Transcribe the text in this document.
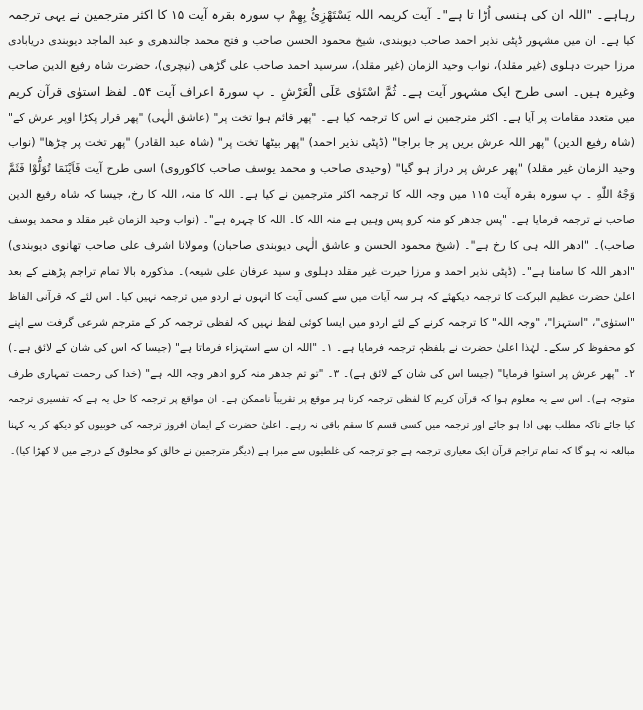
رہاہے۔ "اللہ ان کی ہنسی اُڑا تا ہے"۔ آیت کریمہ اللہ یَسْتَھْزِئُ بِھِمْ پ سورہ بقرہ آیت ۱۵ کا اکثر مترجمین نے یہی ترجمہ
کیا ہے۔ ان میں مشہور ڈپٹی نذیر احمد صاحب دیوبندی، شیخ محمود الحسن صاحب و فتح محمد جالندھری و عبد الماجد دیوبندی دریابادی
مرزا حیرت دہلوی (غیر مقلد)، نواب وحید الزمان (غیر مقلد)، سرسید احمد صاحب علی گڑھی (نیچری)، حضرت شاہ رفیع الدین صاحب
وغیرہ ہیں۔ اسی طرح ایک مشہور آیت ہے۔ ثُمَّ اسْتَوٰی عَلَی الْعَرْشِ ۔ پ سورۃ اعراف آیت ۵۴۔ لفظ استوٰی قرآن کریم
میں متعدد مقامات پر آیا ہے۔ اکثر مترجمین نے اس کا ترجمہ کیا ہے۔ "پھر قائم ہوا تخت پر" (عاشق الٰہی) "پھر قرار پکڑا اوپر عرش کے"
(شاہ رفیع الدین) "پھر اللہ عرش بریں پر جا براجا" (ڈپٹی نذیر احمد) "پھر بیٹھا تخت پر" (شاہ عبد القادر) "پھر تخت پر چڑھا" (نواب
وحید الزمان غیر مقلد) "پھر عرش پر دراز ہو گیا" (وحیدی صاحب و محمد یوسف صاحب کاکوروی) اسی طرح آیت فَاَیْنَمَا تُوَلُّوْا فَثَمَّ
وَجْهُ اللّٰهِ ۔ پ سورہ بقرہ آیت ۱۱۵ میں وجہ اللہ کا ترجمہ اکثر مترجمین نے کیا ہے۔ اللہ کا منہ، اللہ کا رخ، جیسا کہ شاہ رفیع الدین
صاحب نے ترجمہ فرمایا ہے۔ "پس جدھر کو منہ کرو پس وہیں ہے منہ اللہ کا۔ اللہ کا چہرہ ہے"۔ (نواب وحید الزمان غیر مقلد و محمد یوسف
صاحب)۔ "ادھر اللہ ہی کا رخ ہے"۔ (شیخ محمود الحسن و عاشق الٰہی دیوبندی صاحبان) ومولانا اشرف علی صاحب تھانوی دیوبندی)
"ادھر اللہ کا سامنا ہے"۔ (ڈپٹی نذیر احمد و مرزا حیرت غیر مقلد دہلوی و سید عرفان علی شیعہ)۔ مذکورہ بالا تمام تراجم پڑھنے کے بعد
اعلیٰ حضرت عظیم البرکت کا ترجمہ دیکھئے کہ ہر سہ آیات میں سے کسی آیت کا انہوں نے اردو میں ترجمہ نہیں کیا۔ اس لئے کہ قرآنی الفاظ
"استوٰی"، "استہزا"، "وجہ اللہ" کا ترجمہ کرنے کے لئے اردو میں ایسا کوئی لفظ نہیں کہ لفظی ترجمہ کر کے مترجم شرعی گرفت سے اپنے
کو محفوظ کر سکے۔ لہٰذا اعلیٰ حضرت نے بلفظہٖ ترجمہ فرمایا ہے۔ ۱۔ "اللہ ان سے استہزاء فرماتا ہے" (جیسا کہ اس کی شان کے لائق ہے۔)
۲۔ "پھر عرش پر استوا فرمایا" (جیسا اس کی شان کے لائق ہے)۔ ۳۔ "تو تم جدھر منہ کرو ادھر وجہ اللہ ہے" (خدا کی رحمت تمہاری طرف
متوجہ ہے)۔ اس سے یہ معلوم ہوا کہ قرآن کریم کا لفظی ترجمہ کرنا ہر موقع پر تقریباً ناممکن ہے۔ ان مواقع پر ترجمہ کا حل یہ ہے کہ تفسیری ترجمہ
کیا جائے تاکہ مطلب بھی ادا ہو جائے اور ترجمہ میں کسی قسم کا سقم باقی نہ رہے۔ اعلیٰ حضرت کے ایمان افروز ترجمہ کی خوبیوں کو دیکھ کر یہ کہنا
مبالغہ نہ ہو گا کہ تمام تراجم قرآن ایک معیاری ترجمہ ہے جو ترجمہ کی غلطیوں سے مبرا ہے (دیگر مترجمین نے خالق کو مخلوق کے درجے میں لا کھڑا کیا)۔
